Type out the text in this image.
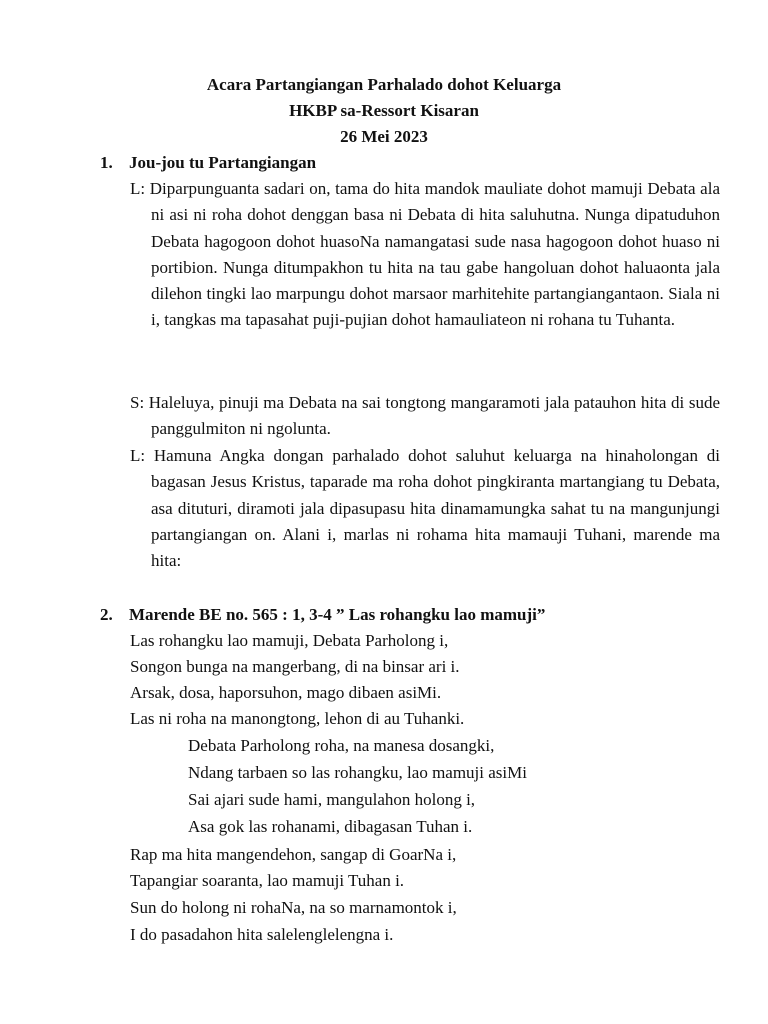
Acara Partangiangan Parhalado dohot Keluarga
HKBP sa-Ressort Kisaran
26 Mei 2023
1. Jou-jou tu Partangiangan
L: Diparpunguanta sadari on, tama do hita mandok mauliate dohot mamuji Debata ala ni asi ni roha dohot denggan basa ni Debata di hita saluhutna. Nunga dipatuduhon Debata hagogoon dohot huasoNa namangatasi sude nasa hagogoon dohot huaso ni portibion. Nunga ditumpakhon tu hita na tau gabe hangoluan dohot haluaonta jala dilehon tingki lao marpungu dohot marsaor marhitehite partangiangantaon. Siala ni i, tangkas ma tapasahat puji-pujian dohot hamauliateon ni rohana tu Tuhanta.
S: Haleluya, pinuji ma Debata na sai tongtong mangaramoti jala patauhon hita di sude panggulmiton ni ngolunta.
L: Hamuna Angka dongan parhalado dohot saluhut keluarga na hinaholongan di bagasan Jesus Kristus, taparade ma roha dohot pingkiranta martangiang tu Debata, asa dituturi, diramoti jala dipasupasu hita dinamamungka sahat tu na mangunjungi partangiangan on. Alani i, marlas ni rohama hita mamauji Tuhani, marende ma hita:
2. Marende BE no. 565 : 1, 3-4 ” Las rohangku lao mamuji”
Las rohangku lao mamuji, Debata Parholong i,
Songon bunga na mangerbang, di na binsar ari i.
Arsak, dosa, haporsuhon, mago dibaen asiMi.
Las ni roha na manongtong, lehon di au Tuhanki.
Debata Parholong roha, na manesa dosangki,
Ndang tarbaen so las rohangku, lao mamuji asiMi
Sai ajari sude hami, mangulahon holong i,
Asa gok las rohanami, dibagasan Tuhan i.
Rap ma hita mangendehon, sangap di GoarNa i,
Tapangiar soaranta, lao mamuji Tuhan i.
Sun do holong ni rohaNa, na so marnamontok i,
I do pasadahon hita salelenglelengna i.
